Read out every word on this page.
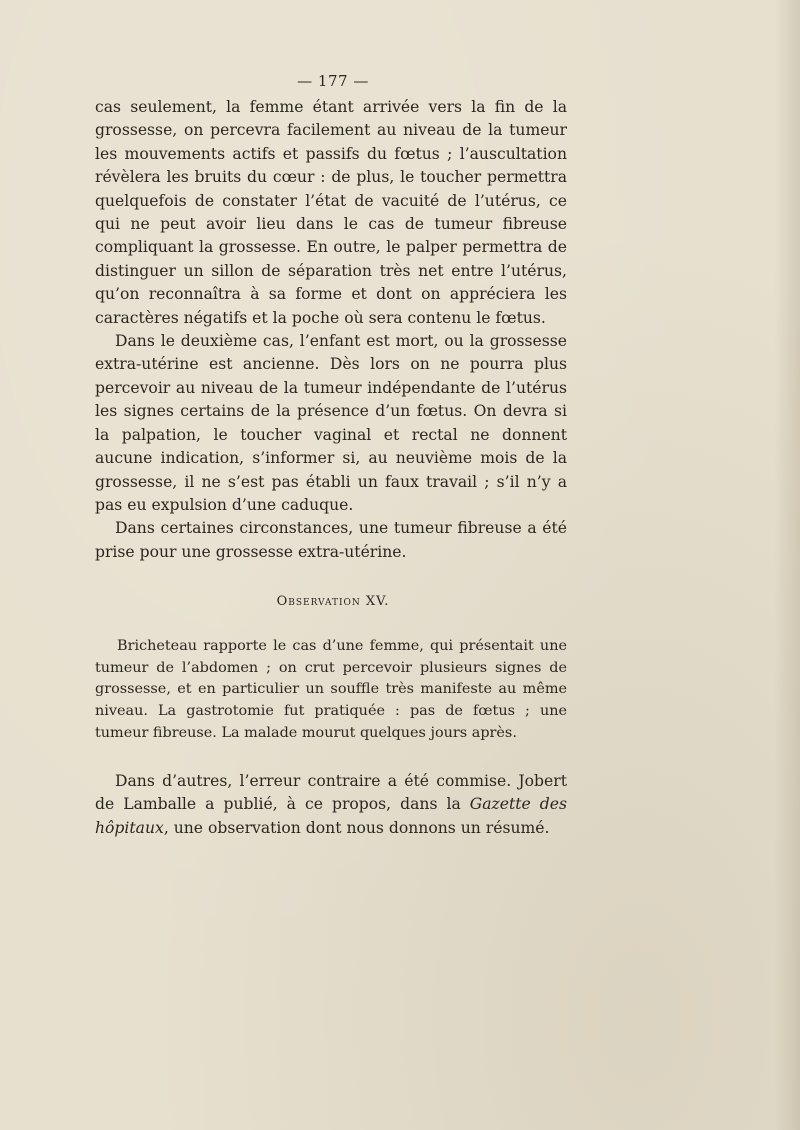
— 177 —

cas seulement, la femme étant arrivée vers la fin de la grossesse, on percevra facilement au niveau de la tumeur les mouvements actifs et passifs du fœtus ; l’auscultation révèlera les bruits du cœur : de plus, le toucher permettra quelquefois de constater l’état de vacuité de l’utérus, ce qui ne peut avoir lieu dans le cas de tumeur fibreuse compliquant la grossesse. En outre, le palper permettra de distinguer un sillon de séparation très net entre l’utérus, qu’on reconnaîtra à sa forme et dont on appréciera les caractères négatifs et la poche où sera contenu le fœtus.

Dans le deuxième cas, l’enfant est mort, ou la grossesse extra-utérine est ancienne. Dès lors on ne pourra plus percevoir au niveau de la tumeur indépendante de l’utérus les signes certains de la présence d’un fœtus. On devra si la palpation, le toucher vaginal et rectal ne donnent aucune indication, s’informer si, au neuvième mois de la grossesse, il ne s’est pas établi un faux travail ; s’il n’y a pas eu expulsion d’une caduque.

Dans certaines circonstances, une tumeur fibreuse a été prise pour une grossesse extra-utérine.

Observation XV.

Bricheteau rapporte le cas d’une femme, qui présentait une tumeur de l’abdomen ; on crut percevoir plusieurs signes de grossesse, et en particulier un souffle très manifeste au même niveau. La gastrotomie fut pratiquée : pas de fœtus ; une tumeur fibreuse. La malade mourut quelques jours après.

Dans d’autres, l’erreur contraire a été commise. Jobert de Lamballe a publié, à ce propos, dans la Gazette des hôpitaux, une observation dont nous donnons un résumé.
